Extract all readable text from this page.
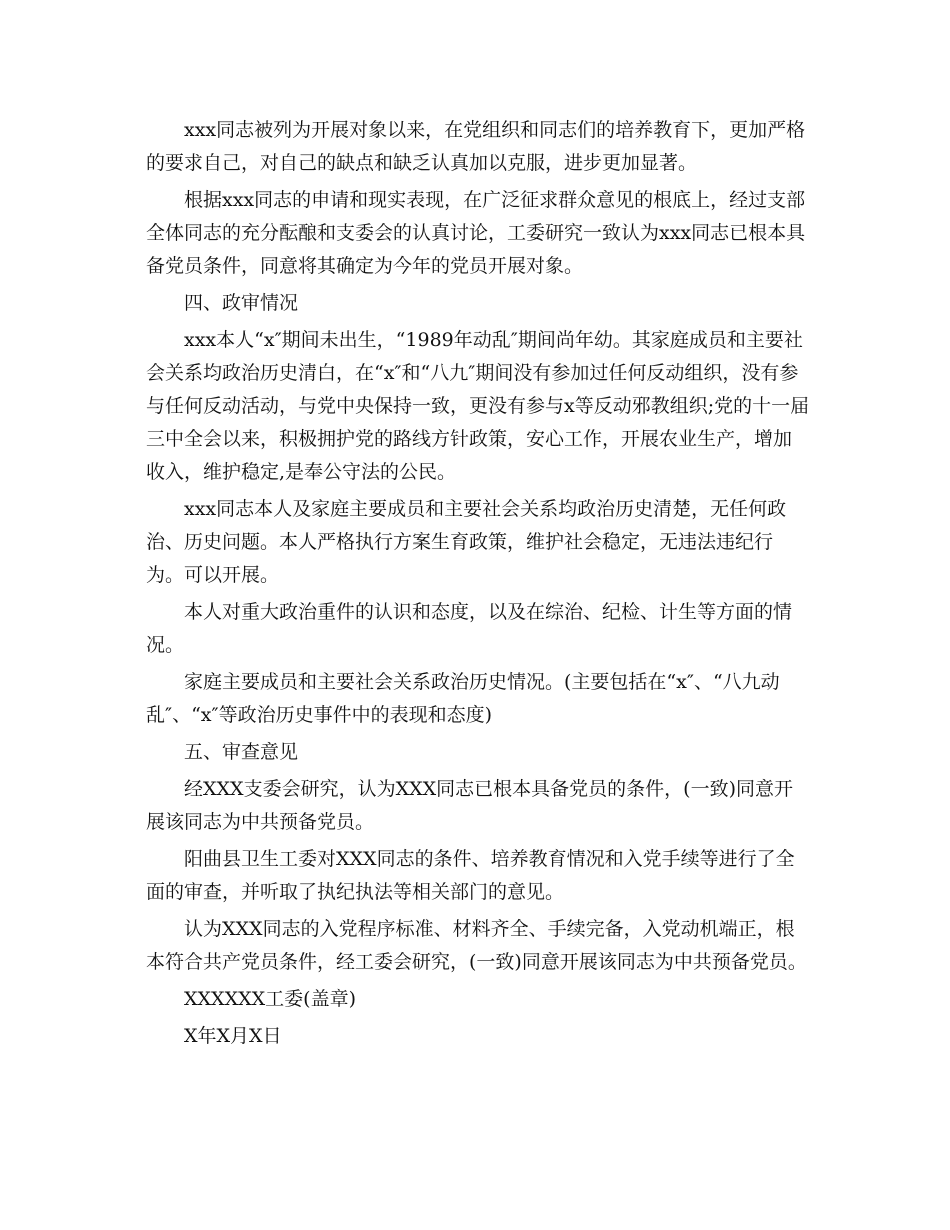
xxx同志被列为开展对象以来，在党组织和同志们的培养教育下，更加严格的要求自己，对自己的缺点和缺乏认真加以克服，进步更加显著。

根据xxx同志的申请和现实表现，在广泛征求群众意见的根底上，经过支部全体同志的充分酝酿和支委会的认真讨论，工委研究一致认为xxx同志已根本具备党员条件，同意将其确定为今年的党员开展对象。

四、政审情况

xxx本人“x″期间未出生，“1989年动乱″期间尚年幼。其家庭成员和主要社会关系均政治历史清白，在“x″和“八九″期间没有参加过任何反动组织，没有参与任何反动活动，与党中央保持一致，更没有参与x等反动邪教组织;党的十一届三中全会以来，积极拥护党的路线方针政策，安心工作，开展农业生产，增加收入，维护稳定,是奉公守法的公民。

xxx同志本人及家庭主要成员和主要社会关系均政治历史清楚，无任何政治、历史问题。本人严格执行方案生育政策，维护社会稳定，无违法违纪行为。可以开展。

本人对重大政治重件的认识和态度，以及在综治、纪检、计生等方面的情况。

家庭主要成员和主要社会关系政治历史情况。(主要包括在“x″、“八九动乱″、“x″等政治历史事件中的表现和态度)

五、审查意见

经XXX支委会研究，认为XXX同志已根本具备党员的条件，(一致)同意开展该同志为中共预备党员。

阳曲县卫生工委对XXX同志的条件、培养教育情况和入党手续等进行了全面的审查，并听取了执纪执法等相关部门的意见。

认为XXX同志的入党程序标准、材料齐全、手续完备，入党动机端正，根本符合共产党员条件，经工委会研究，(一致)同意开展该同志为中共预备党员。

XXXXXX工委(盖章)

X年X月X日
